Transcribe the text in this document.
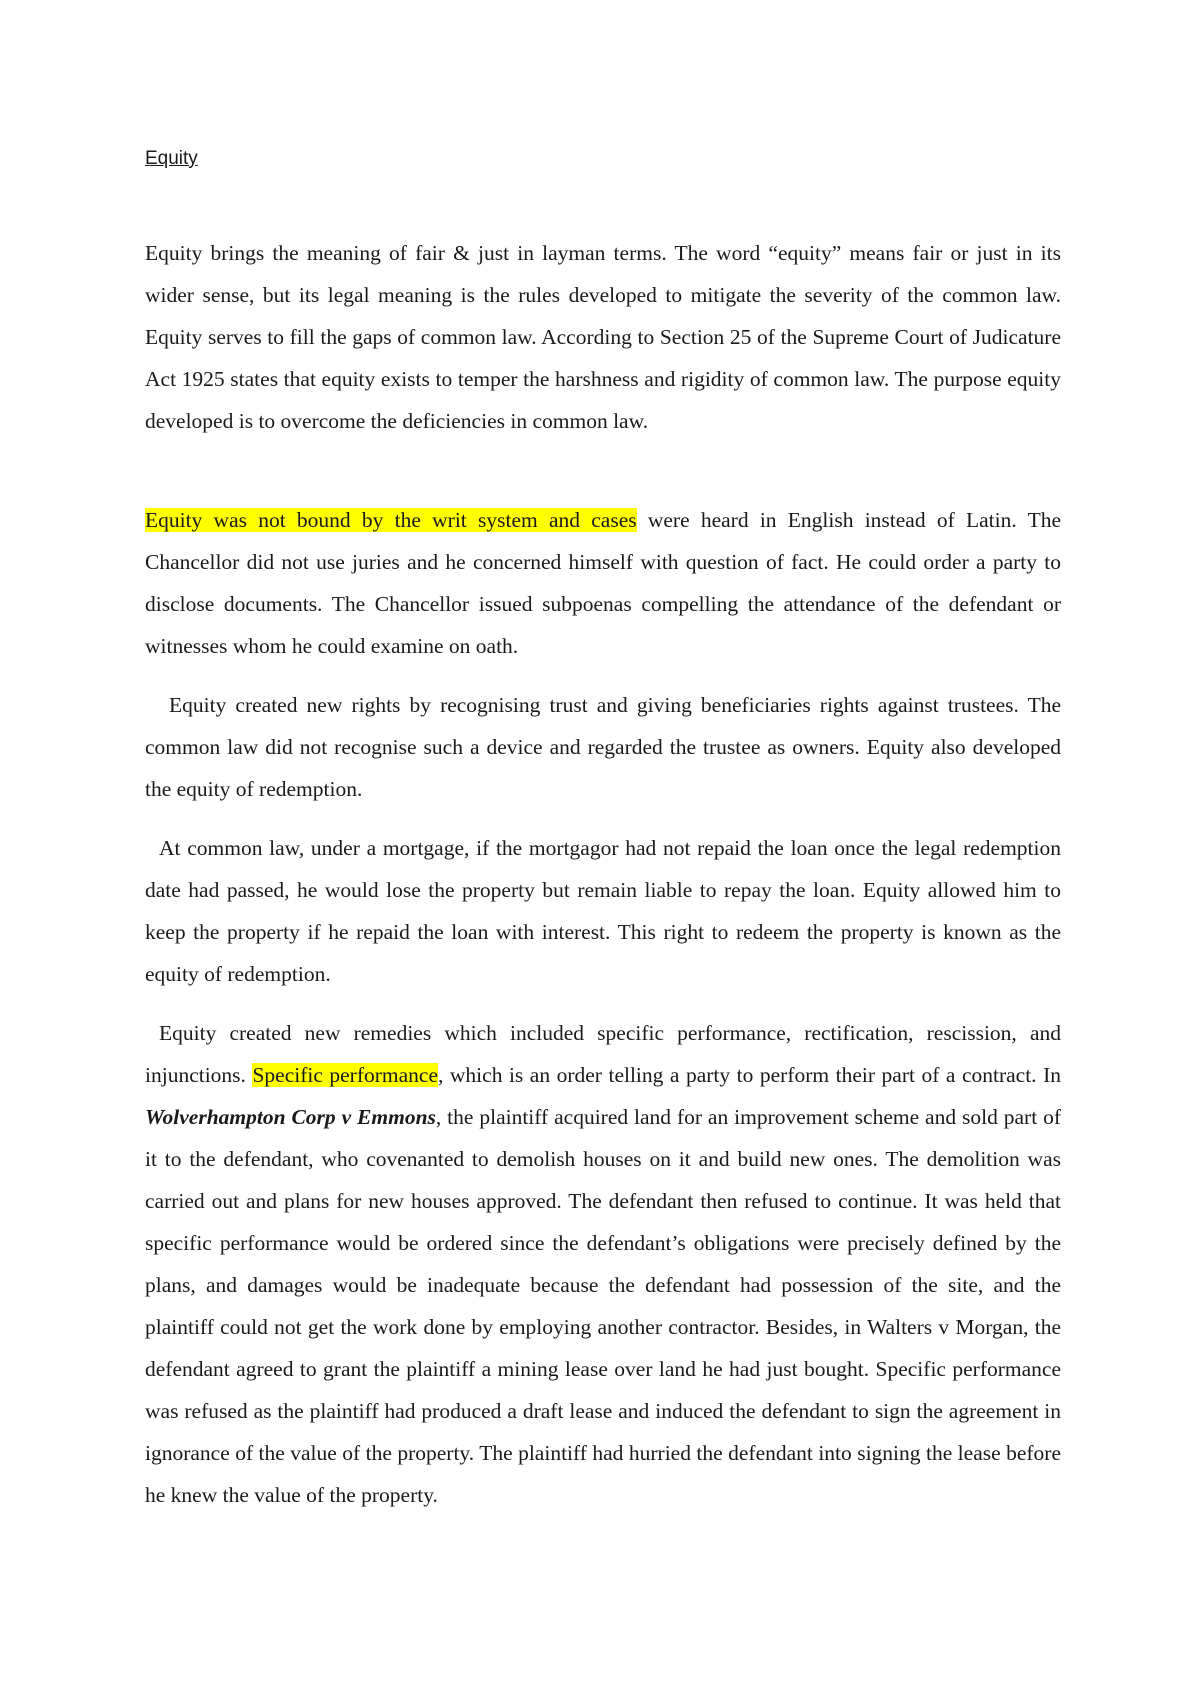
Equity

Equity brings the meaning of fair & just in layman terms. The word “equity” means fair or just in its wider sense, but its legal meaning is the rules developed to mitigate the severity of the common law. Equity serves to fill the gaps of common law. According to Section 25 of the Supreme Court of Judicature Act 1925 states that equity exists to temper the harshness and rigidity of common law. The purpose equity developed is to overcome the deficiencies in common law.

Equity was not bound by the writ system and cases were heard in English instead of Latin. The Chancellor did not use juries and he concerned himself with question of fact. He could order a party to disclose documents. The Chancellor issued subpoenas compelling the attendance of the defendant or witnesses whom he could examine on oath.

Equity created new rights by recognising trust and giving beneficiaries rights against trustees. The common law did not recognise such a device and regarded the trustee as owners. Equity also developed the equity of redemption.

At common law, under a mortgage, if the mortgagor had not repaid the loan once the legal redemption date had passed, he would lose the property but remain liable to repay the loan. Equity allowed him to keep the property if he repaid the loan with interest. This right to redeem the property is known as the equity of redemption.

Equity created new remedies which included specific performance, rectification, rescission, and injunctions. Specific performance, which is an order telling a party to perform their part of a contract. In Wolverhampton Corp v Emmons, the plaintiff acquired land for an improvement scheme and sold part of it to the defendant, who covenanted to demolish houses on it and build new ones. The demolition was carried out and plans for new houses approved. The defendant then refused to continue. It was held that specific performance would be ordered since the defendant’s obligations were precisely defined by the plans, and damages would be inadequate because the defendant had possession of the site, and the plaintiff could not get the work done by employing another contractor. Besides, in Walters v Morgan, the defendant agreed to grant the plaintiff a mining lease over land he had just bought. Specific performance was refused as the plaintiff had produced a draft lease and induced the defendant to sign the agreement in ignorance of the value of the property. The plaintiff had hurried the defendant into signing the lease before he knew the value of the property.
